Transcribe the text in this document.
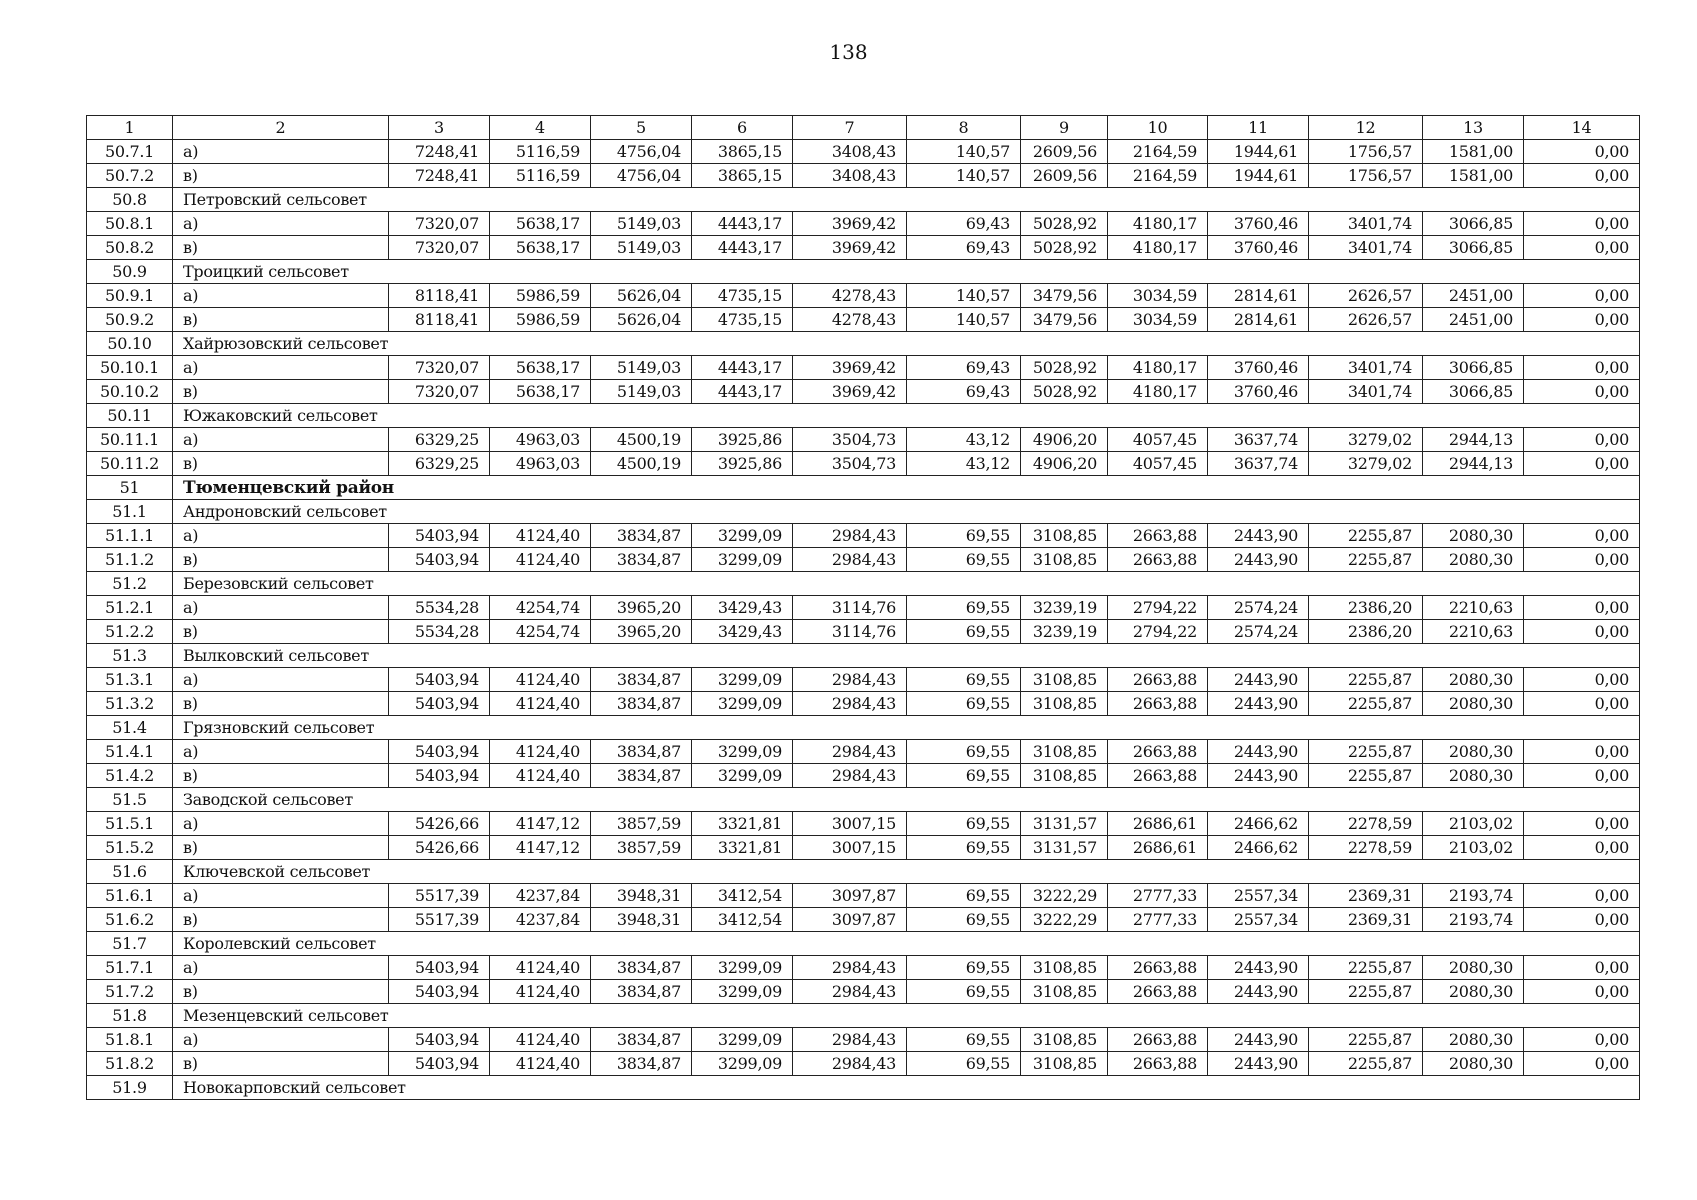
138
1	2	3	4	5	6	7	8	9	10	11	12	13	14
50.7.1	а)	7248,41	5116,59	4756,04	3865,15	3408,43	140,57	2609,56	2164,59	1944,61	1756,57	1581,00	0,00
50.7.2	в)	7248,41	5116,59	4756,04	3865,15	3408,43	140,57	2609,56	2164,59	1944,61	1756,57	1581,00	0,00
50.8	Петровский сельсовет												
50.8.1	а)	7320,07	5638,17	5149,03	4443,17	3969,42	69,43	5028,92	4180,17	3760,46	3401,74	3066,85	0,00
50.8.2	в)	7320,07	5638,17	5149,03	4443,17	3969,42	69,43	5028,92	4180,17	3760,46	3401,74	3066,85	0,00
50.9	Троицкий сельсовет												
50.9.1	а)	8118,41	5986,59	5626,04	4735,15	4278,43	140,57	3479,56	3034,59	2814,61	2626,57	2451,00	0,00
50.9.2	в)	8118,41	5986,59	5626,04	4735,15	4278,43	140,57	3479,56	3034,59	2814,61	2626,57	2451,00	0,00
50.10	Хайрюзовский сельсовет												
50.10.1	а)	7320,07	5638,17	5149,03	4443,17	3969,42	69,43	5028,92	4180,17	3760,46	3401,74	3066,85	0,00
50.10.2	в)	7320,07	5638,17	5149,03	4443,17	3969,42	69,43	5028,92	4180,17	3760,46	3401,74	3066,85	0,00
50.11	Южаковский сельсовет												
50.11.1	а)	6329,25	4963,03	4500,19	3925,86	3504,73	43,12	4906,20	4057,45	3637,74	3279,02	2944,13	0,00
50.11.2	в)	6329,25	4963,03	4500,19	3925,86	3504,73	43,12	4906,20	4057,45	3637,74	3279,02	2944,13	0,00
51	Тюменцевский район												
51.1	Андроновский сельсовет												
51.1.1	а)	5403,94	4124,40	3834,87	3299,09	2984,43	69,55	3108,85	2663,88	2443,90	2255,87	2080,30	0,00
51.1.2	в)	5403,94	4124,40	3834,87	3299,09	2984,43	69,55	3108,85	2663,88	2443,90	2255,87	2080,30	0,00
51.2	Березовский сельсовет												
51.2.1	а)	5534,28	4254,74	3965,20	3429,43	3114,76	69,55	3239,19	2794,22	2574,24	2386,20	2210,63	0,00
51.2.2	в)	5534,28	4254,74	3965,20	3429,43	3114,76	69,55	3239,19	2794,22	2574,24	2386,20	2210,63	0,00
51.3	Вылковский сельсовет												
51.3.1	а)	5403,94	4124,40	3834,87	3299,09	2984,43	69,55	3108,85	2663,88	2443,90	2255,87	2080,30	0,00
51.3.2	в)	5403,94	4124,40	3834,87	3299,09	2984,43	69,55	3108,85	2663,88	2443,90	2255,87	2080,30	0,00
51.4	Грязновский сельсовет												
51.4.1	а)	5403,94	4124,40	3834,87	3299,09	2984,43	69,55	3108,85	2663,88	2443,90	2255,87	2080,30	0,00
51.4.2	в)	5403,94	4124,40	3834,87	3299,09	2984,43	69,55	3108,85	2663,88	2443,90	2255,87	2080,30	0,00
51.5	Заводской сельсовет												
51.5.1	а)	5426,66	4147,12	3857,59	3321,81	3007,15	69,55	3131,57	2686,61	2466,62	2278,59	2103,02	0,00
51.5.2	в)	5426,66	4147,12	3857,59	3321,81	3007,15	69,55	3131,57	2686,61	2466,62	2278,59	2103,02	0,00
51.6	Ключевской сельсовет												
51.6.1	а)	5517,39	4237,84	3948,31	3412,54	3097,87	69,55	3222,29	2777,33	2557,34	2369,31	2193,74	0,00
51.6.2	в)	5517,39	4237,84	3948,31	3412,54	3097,87	69,55	3222,29	2777,33	2557,34	2369,31	2193,74	0,00
51.7	Королевский сельсовет												
51.7.1	а)	5403,94	4124,40	3834,87	3299,09	2984,43	69,55	3108,85	2663,88	2443,90	2255,87	2080,30	0,00
51.7.2	в)	5403,94	4124,40	3834,87	3299,09	2984,43	69,55	3108,85	2663,88	2443,90	2255,87	2080,30	0,00
51.8	Мезенцевский сельсовет												
51.8.1	а)	5403,94	4124,40	3834,87	3299,09	2984,43	69,55	3108,85	2663,88	2443,90	2255,87	2080,30	0,00
51.8.2	в)	5403,94	4124,40	3834,87	3299,09	2984,43	69,55	3108,85	2663,88	2443,90	2255,87	2080,30	0,00
51.9	Новокарповский сельсовет												
